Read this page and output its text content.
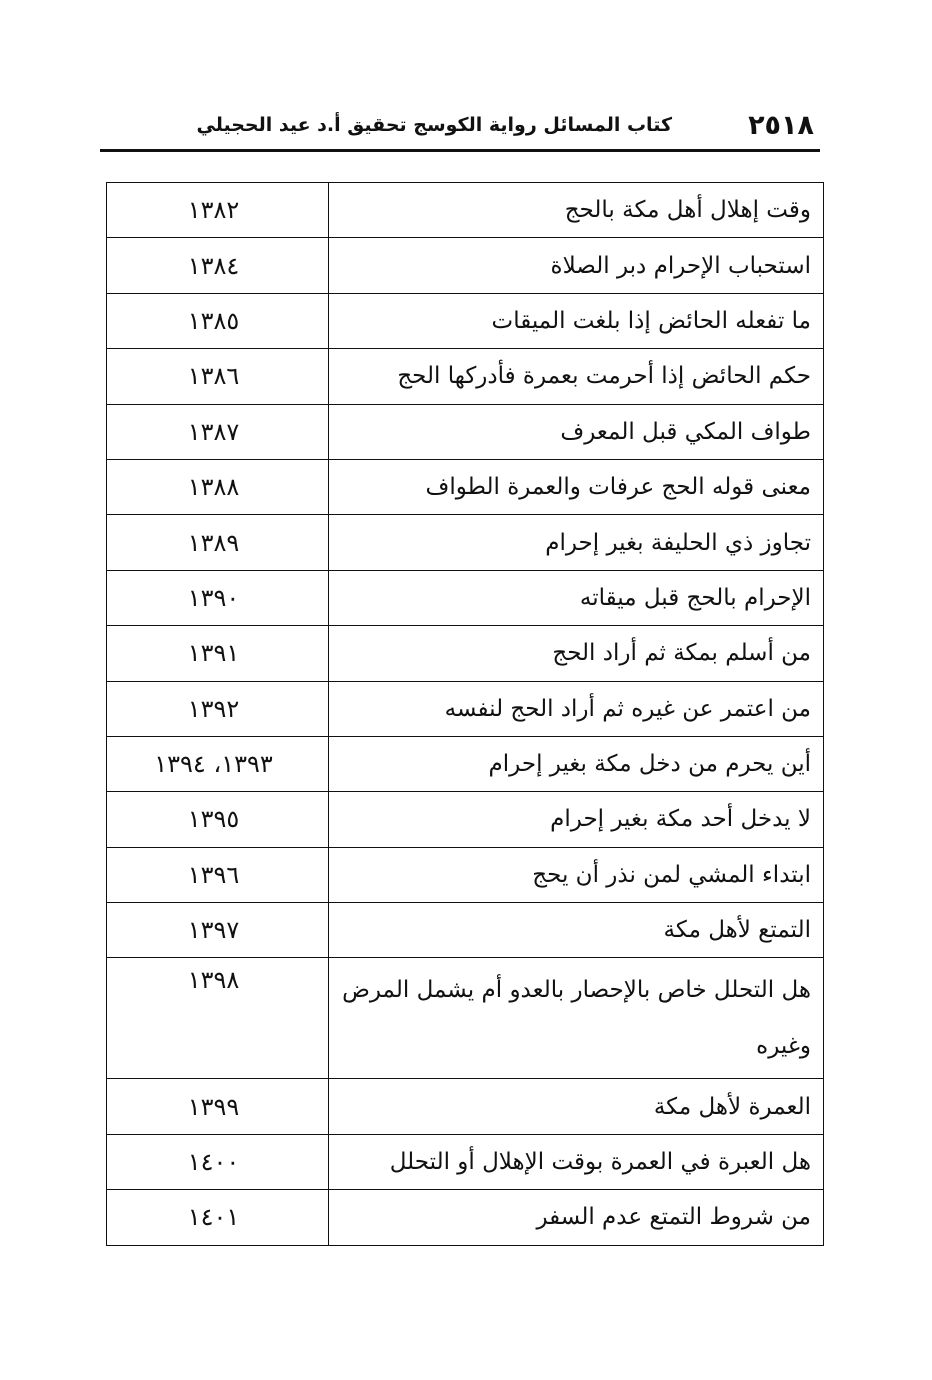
٢٥١٨
كتاب المسائل رواية الكوسج تحقيق أ.د عيد الحجيلي
وقت إهلال أهل مكة بالحج	١٣٨٢
استحباب الإحرام دبر الصلاة	١٣٨٤
ما تفعله الحائض إذا بلغت الميقات	١٣٨٥
حكم الحائض إذا أحرمت بعمرة فأدركها الحج	١٣٨٦
طواف المكي قبل المعرف	١٣٨٧
معنى قوله الحج عرفات والعمرة الطواف	١٣٨٨
تجاوز ذي الحليفة بغير إحرام	١٣٨٩
الإحرام بالحج قبل ميقاته	١٣٩٠
من أسلم بمكة ثم أراد الحج	١٣٩١
من اعتمر عن غيره ثم أراد الحج لنفسه	١٣٩٢
أين يحرم من دخل مكة بغير إحرام	١٣٩٣، ١٣٩٤
لا يدخل أحد مكة بغير إحرام	١٣٩٥
ابتداء المشي لمن نذر أن يحج	١٣٩٦
التمتع لأهل مكة	١٣٩٧
هل التحلل خاص بالإحصار بالعدو أم يشمل المرض وغيره	١٣٩٨
العمرة لأهل مكة	١٣٩٩
هل العبرة في العمرة بوقت الإهلال أو التحلل	١٤٠٠
من شروط التمتع عدم السفر	١٤٠١
